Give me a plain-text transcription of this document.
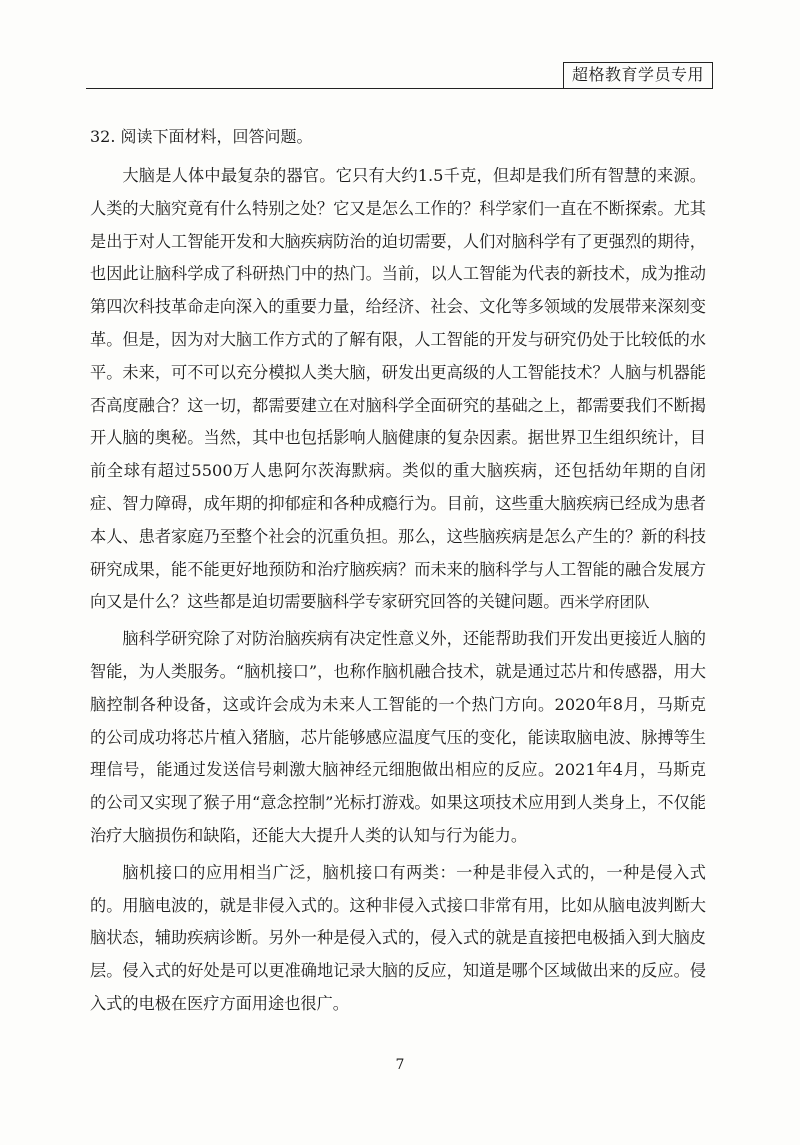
超格教育学员专用
32. 阅读下面材料，回答问题。

大脑是人体中最复杂的器官。它只有大约1.5千克，但却是我们所有智慧的来源。人类的大脑究竟有什么特别之处？它又是怎么工作的？科学家们一直在不断探索。尤其是出于对人工智能开发和大脑疾病防治的迫切需要，人们对脑科学有了更强烈的期待，也因此让脑科学成了科研热门中的热门。当前，以人工智能为代表的新技术，成为推动第四次科技革命走向深入的重要力量，给经济、社会、文化等多领域的发展带来深刻变革。但是，因为对大脑工作方式的了解有限，人工智能的开发与研究仍处于比较低的水平。未来，可不可以充分模拟人类大脑，研发出更高级的人工智能技术？人脑与机器能否高度融合？这一切，都需要建立在对脑科学全面研究的基础之上，都需要我们不断揭开人脑的奥秘。当然，其中也包括影响人脑健康的复杂因素。据世界卫生组织统计，目前全球有超过5500万人患阿尔茨海默病。类似的重大脑疾病，还包括幼年期的自闭症、智力障碍，成年期的抑郁症和各种成瘾行为。目前，这些重大脑疾病已经成为患者本人、患者家庭乃至整个社会的沉重负担。那么，这些脑疾病是怎么产生的？新的科技研究成果，能不能更好地预防和治疗脑疾病？而未来的脑科学与人工智能的融合发展方向又是什么？这些都是迫切需要脑科学专家研究回答的关键问题。西米学府团队

脑科学研究除了对防治脑疾病有决定性意义外，还能帮助我们开发出更接近人脑的智能，为人类服务。“脑机接口”，也称作脑机融合技术，就是通过芯片和传感器，用大脑控制各种设备，这或许会成为未来人工智能的一个热门方向。2020年8月，马斯克的公司成功将芯片植入猪脑，芯片能够感应温度气压的变化，能读取脑电波、脉搏等生理信号，能通过发送信号刺激大脑神经元细胞做出相应的反应。2021年4月，马斯克的公司又实现了猴子用“意念控制”光标打游戏。如果这项技术应用到人类身上，不仅能治疗大脑损伤和缺陷，还能大大提升人类的认知与行为能力。

脑机接口的应用相当广泛，脑机接口有两类：一种是非侵入式的，一种是侵入式的。用脑电波的，就是非侵入式的。这种非侵入式接口非常有用，比如从脑电波判断大脑状态，辅助疾病诊断。另外一种是侵入式的，侵入式的就是直接把电极插入到大脑皮层。侵入式的好处是可以更准确地记录大脑的反应，知道是哪个区域做出来的反应。侵入式的电极在医疗方面用途也很广。

7
